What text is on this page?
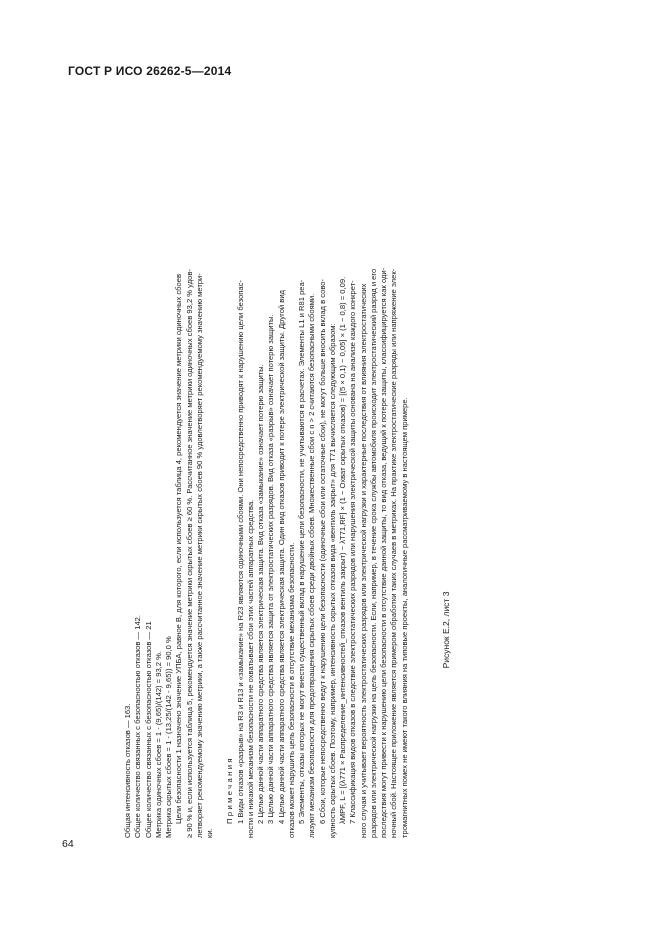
ГОСТ Р ИСО 26262-5—2014

Общая интенсивность отказов — 163. Общее количество связанных с безопасностью отказов — 142. Общее количество связанных с безопасностью отказов — 21 Метрика одиночных сбоев = 1 - (9,65)/(142) = 93,2 %. Метрика скрытых сбоев = 1 - (13,25/(142 - 9,65)) = 90,0 % Цели безопасности 1 назначено значение УПБА, равное B, для которого, если используется таблица 4, рекомендуется значение метрики одиночных сбоев ≥ 90 % и, если используется таблица 5, рекомендуется значение метрики скрытых сбоев ≥ 60 %. Рассчитанное значение метрики одиночных сбоев 93,2 % удов- летворяет рекомендуемому значению метрики, а также рассчитанное значение метрики скрытых сбоев 90 % удовлетворяет рекомендуемому значению метри- ки.

Примечания 1 Виды отказов «разрыв» на R3 и R13 и «замыкание» на R23 являются одиночными сбоями. Они непосредственно приводят к нарушению цели безопас- ности и никакой механизм безопасности не охватывает сбои этих частей аппаратных средства. 2 Целью данной части аппаратного средства является электрическая защита. Вид отказа «замыкание» означает потерю защиты. 3 Целью данной части аппаратного средства является защита от электростатических разрядов. Вид отказа «разрыв» означает потерю защиты. 4 Целью данной части аппаратного средства является электрическая защита. Один вид отказов приводит к потере электрической защиты. Другой вид отказов может нарушить цель безопасности в отсутствие механизма безопасности. 5 Элементы, отказы которых не могут внести существенный вклад в нарушение цели безопасности, не учитываются в расчетах. Элементы L1 и R81 реа- лизуют механизм безопасности для предотвращения скрытых сбоев среди двойных сбоев. Множественные сбои с n > 2 считаются безопасными сбоями. 6 Сбои, которые непосредственно ведут к нарушению цели безопасности (одиночные сбои или остаточные сбои), не могут больше вносить вклад в сово- купность скрытых сбоев. Поэтому, например, интенсивность скрытых отказов вида «вентиль закрыт» для T71 вычисляется следующим образом: λMPF, L = [(λ771 × Распределение_интенсивностей_отказов вентиль закрыт) − λT71,RF] × (1 − Охват скрытых отказов) = [(5 × 0,1) − 0,05] × (1 − 0,8) = 0,09. 7 Классификация видов отказов в следствие электростатических разрядов или нарушения электрической защиты основана на анализе каждого конкрет- ного случая и учитывает вероятность электростатических разрядов или электрической нагрузки и характерные последствия от влияния электростатических разрядов или электрической нагрузки на цель безопасности. Если, например, в течение срока службы автомобиля происходит электростатический разряд и его последствия могут привести к нарушению цели безопасности в отсутствие данной защиты, то вид отказа, ведущий к потере защиты, классифицируется как оди- ночный сбой. Настоящее приложение является примером обработки таких случаев в метриках. На практике электростатические разряды или напряжение элек- тромагнитных помех не имеют такого влияния на типовые проекты, аналогичные рассматриваемому в настоящем примере.	Рисунок E.2, лист 3
64
